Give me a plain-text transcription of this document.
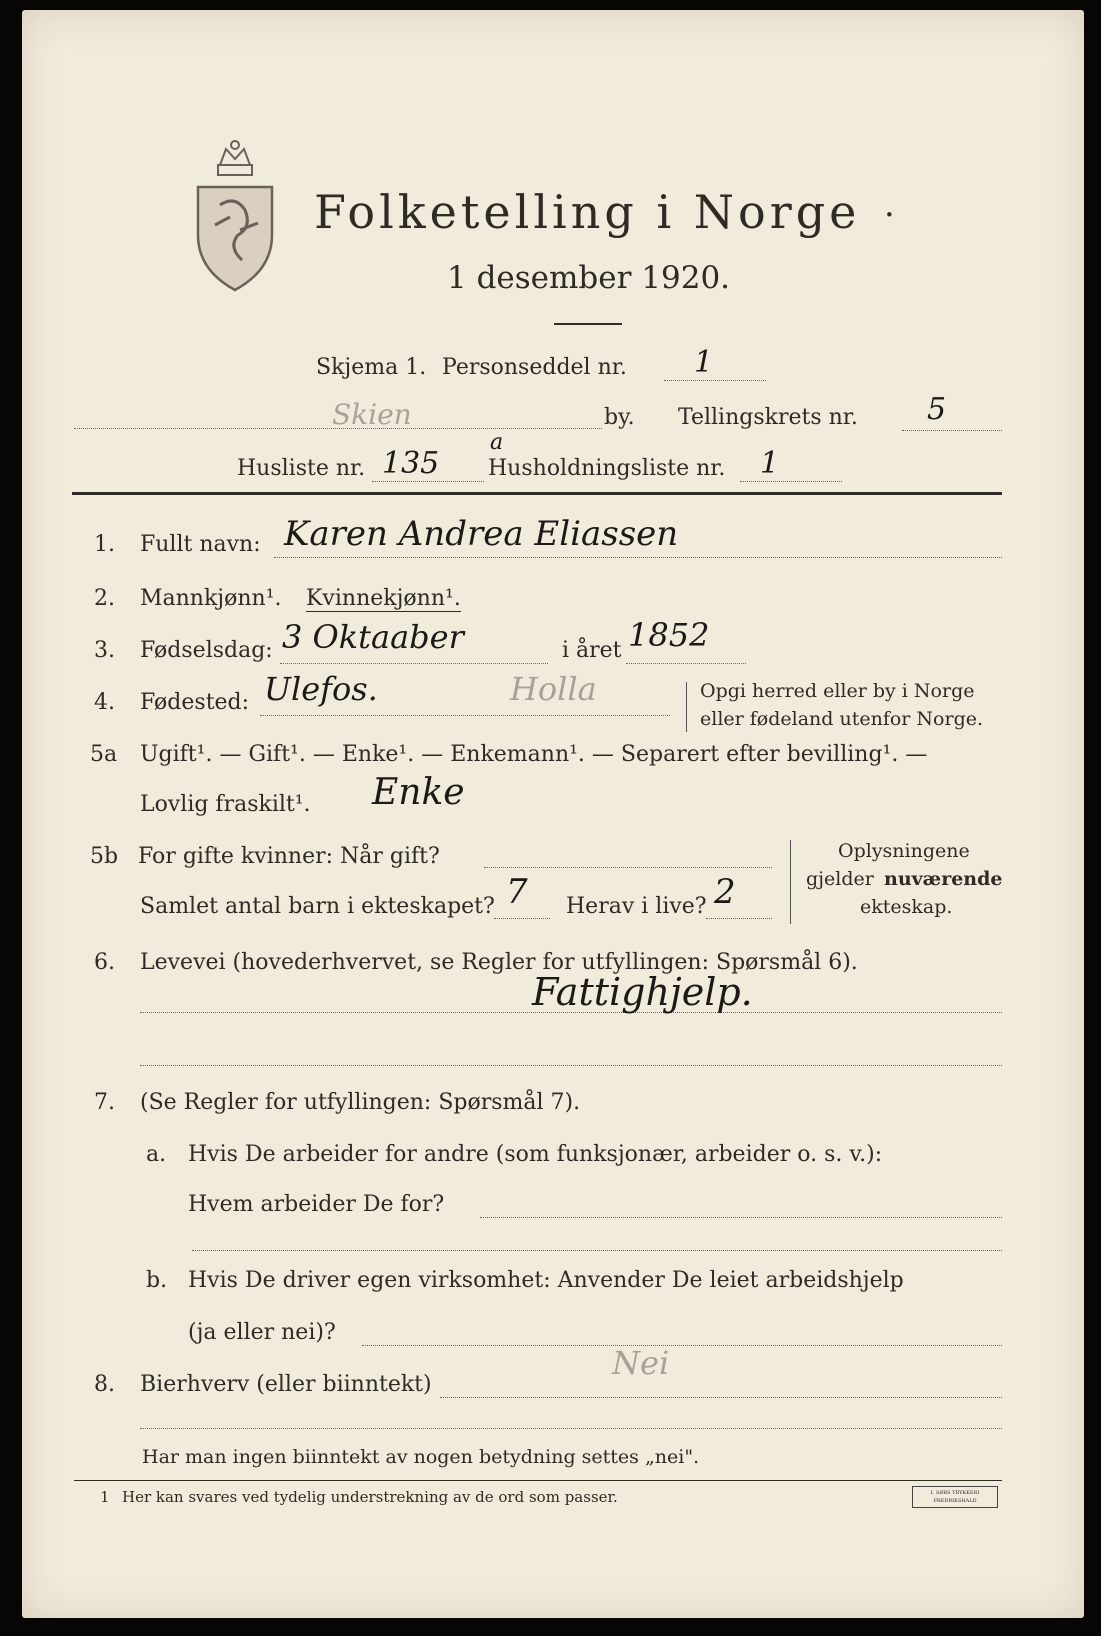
Folketelling i Norge ·
1 desember 1920.
Skjema 1. Personseddel nr. 1
Skien	by. Tellingskrets nr. 5
Husliste nr. 135
a
Husholdningsliste nr. 1
1. Fullt navn: Karen Andrea Eliassen
2. Mannkjønn¹. Kvinnekjønn¹.
3. Fødselsdag: 3 Oktaaber	i året 1852
4. Fødested: Ulefos.	Holla	Opgi herred eller by i Norge
eller fødeland utenfor Norge.
5a Ugift¹. — Gift¹. — Enke¹. — Enkemann¹. — Separert efter bevilling¹. —
Lovlig fraskilt¹. Enke
5b For gifte kvinner: Når gift?
Samlet antal barn i ekteskapet? 7 Herav i live? 2
Oplysningene
gjelder nuværende
ekteskap.
6. Levevei (hovederhvervet, se Regler for utfyllingen: Spørsmål 6).
Fattighjelp.
7. (Se Regler for utfyllingen: Spørsmål 7).
a. Hvis De arbeider for andre (som funksjonær, arbeider o. s. v.):
Hvem arbeider De for?
b. Hvis De driver egen virksomhet: Anvender De leiet arbeidshjelp
(ja eller nei)?
8. Bierhverv (eller biinntekt)
Nei
Har man ingen biinntekt av nogen betydning settes „nei".
1 Her kan svares ved tydelig understrekning av de ord som passer.	I. SØBS TRYKKERI FREDRIKSHALD
